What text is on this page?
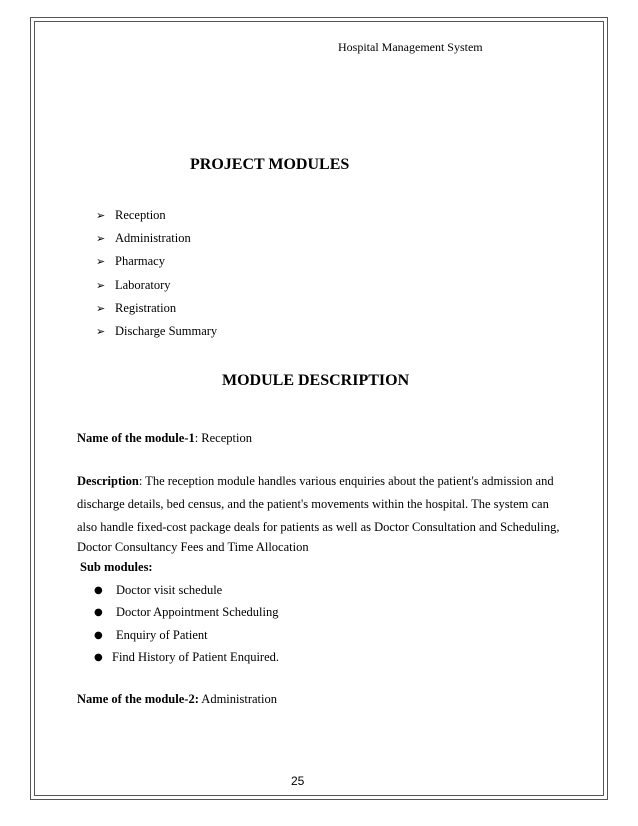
Hospital Management System
PROJECT MODULES
➢ Reception
➢ Administration
➢ Pharmacy
➢ Laboratory
➢ Registration
➢ Discharge Summary
MODULE DESCRIPTION
Name of the module-1: Reception
Description: The reception module handles various enquiries about the patient's admission and
discharge details, bed census, and the patient's movements within the hospital. The system can
also handle fixed-cost package deals for patients as well as Doctor Consultation and Scheduling,
Doctor Consultancy Fees and Time Allocation
Sub modules:
●	Doctor visit schedule
●	Doctor Appointment Scheduling
●	Enquiry of Patient
● Find History of Patient Enquired.
Name of the module-2: Administration
25
